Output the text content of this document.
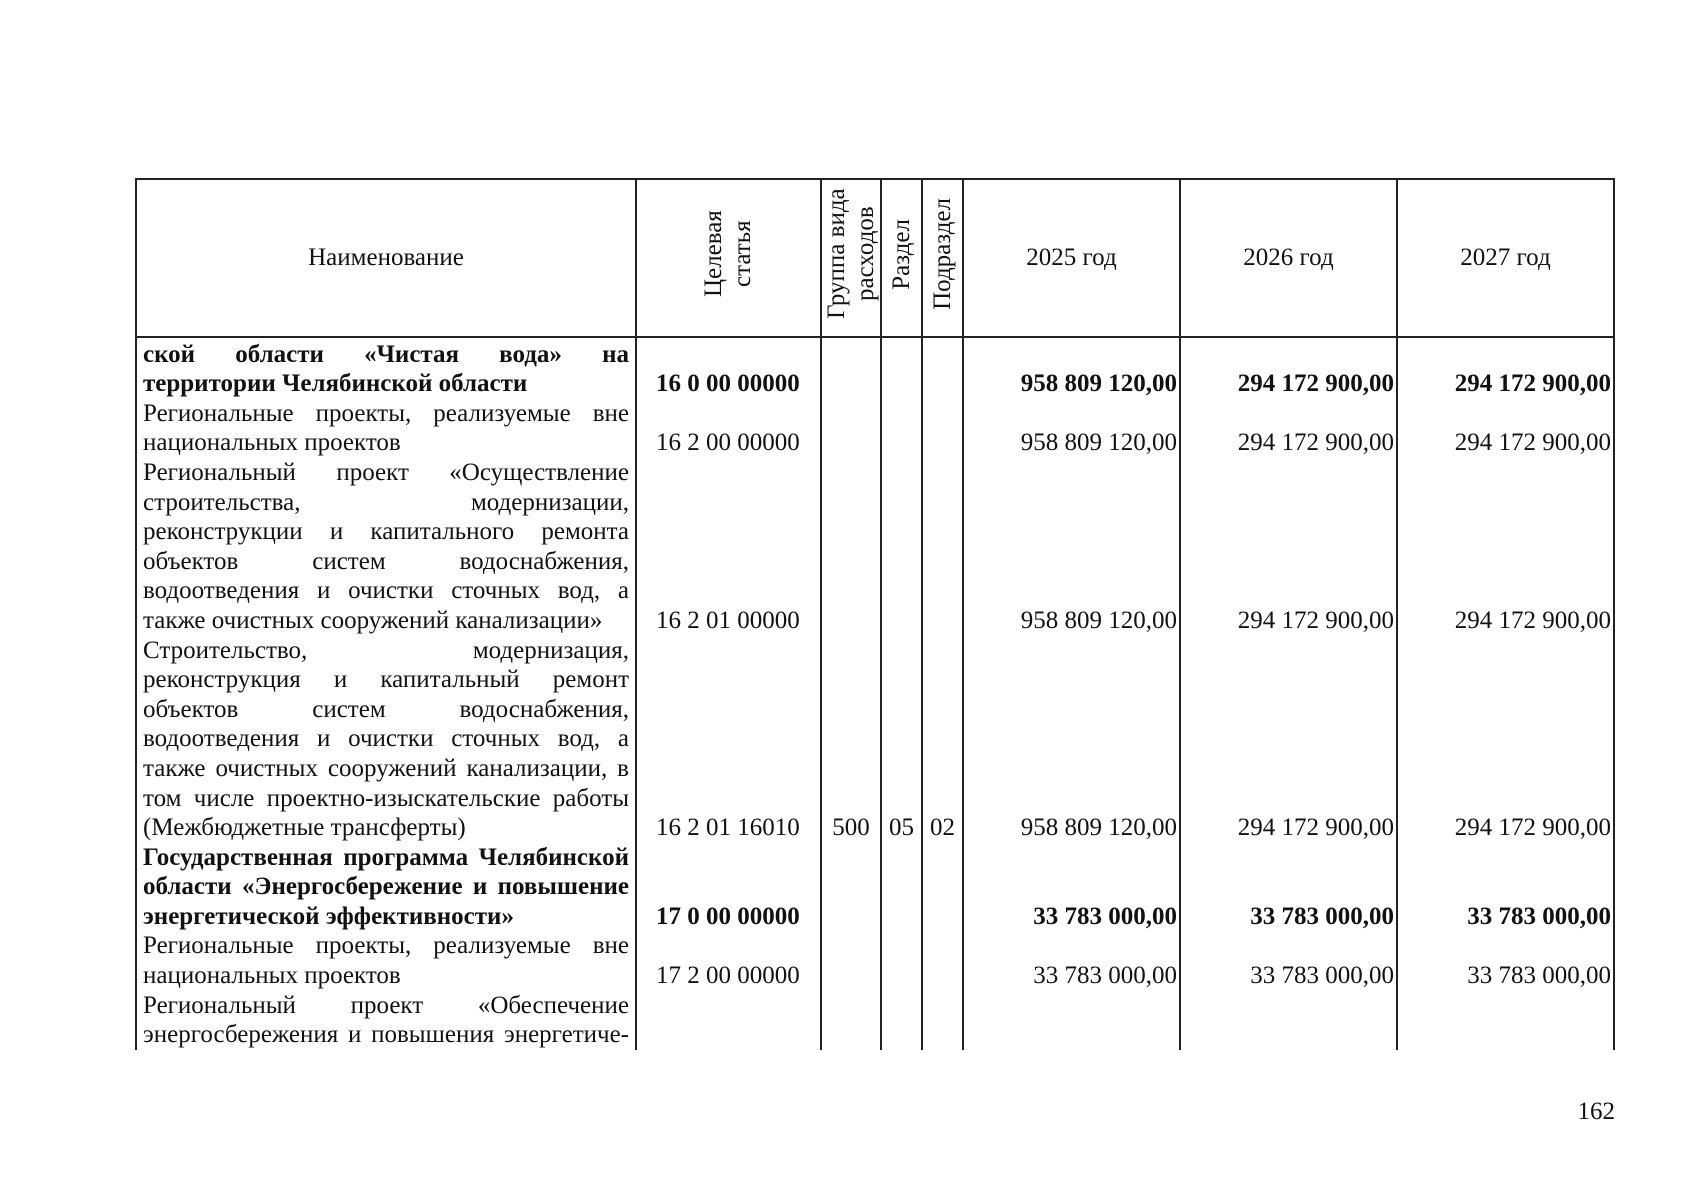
Наименование	Целевая статья	Группа вида расходов	Раздел	Подраздел	2025 год	2026 год	2027 год

ской области «Чистая вода» на территории Челябинской области	16 0 00 00000				958 809 120,00	294 172 900,00	294 172 900,00

Региональные проекты, реализуемые вне национальных проектов	16 2 00 00000				958 809 120,00	294 172 900,00	294 172 900,00

Региональный проект «Осуществление строительства, модернизации, реконструкции и капитального ремонта объектов систем водоснабжения, водоотведения и очистки сточных вод, а также очистных сооружений канализации»	16 2 01 00000				958 809 120,00	294 172 900,00	294 172 900,00

Строительство, модернизация, реконструкция и капитальный ремонт объектов систем водоснабжения, водоотведения и очистки сточных вод, а также очистных сооружений канализации, в том числе проектно-изыскательские работы (Межбюджетные трансферты)	16 2 01 16010	500	05	02	958 809 120,00	294 172 900,00	294 172 900,00

Государственная программа Челябинской области «Энергосбережение и повышение энергетической эффективности»	17 0 00 00000				33 783 000,00	33 783 000,00	33 783 000,00

Региональные проекты, реализуемые вне национальных проектов	17 2 00 00000				33 783 000,00	33 783 000,00	33 783 000,00

Региональный проект «Обеспечение энергосбережения и повышения энергетиче-							

162
